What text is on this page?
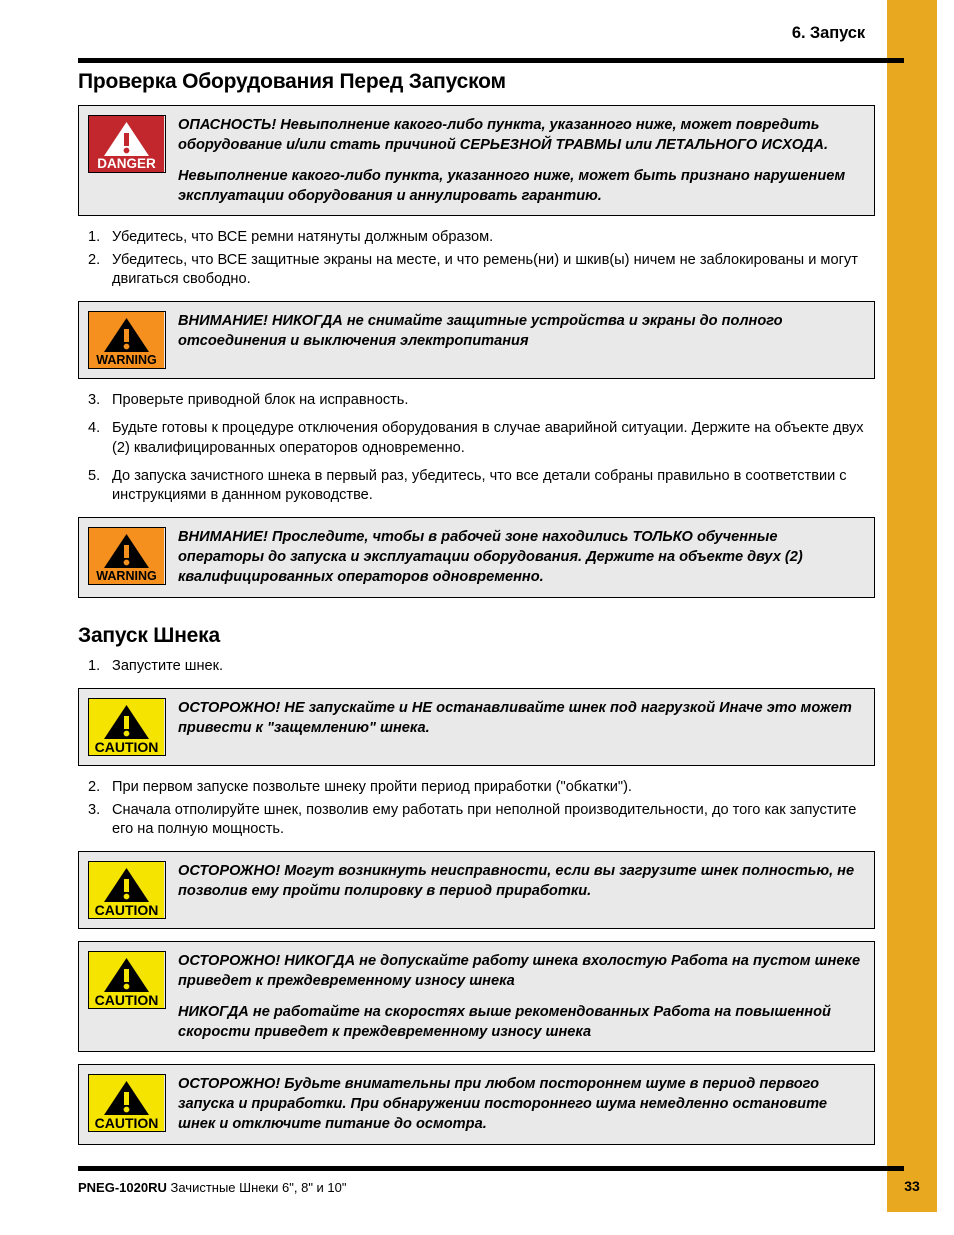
6. Запуск
Проверка Оборудования Перед Запуском
DANGER

ОПАСНОСТЬ! Невыполнение какого-либо пункта, указанного ниже, может повредить оборудование и/или стать причиной СЕРЬЕЗНОЙ ТРАВМЫ или ЛЕТАЛЬНОГО ИСХОДА.

Невыполнение какого-либо пункта, указанного ниже, может быть признано нарушением эксплуатации оборудования и аннулировать гарантию.

1. Убедитесь, что ВСЕ ремни натянуты должным образом.
2. Убедитесь, что ВСЕ защитные экраны на месте, и что ремень(ни) и шкив(ы) ничем не заблокированы и могут двигаться свободно.
WARNING

ВНИМАНИЕ! НИКОГДА не снимайте защитные устройства и экраны до полного отсоединения и выключения электропитания

3. Проверьте приводной блок на исправность.
4. Будьте готовы к процедуре отключения оборудования в случае аварийной ситуации. Держите на объекте двух (2) квалифицированных операторов одновременно.
5. До запуска зачистного шнека в первый раз, убедитесь, что все детали собраны правильно в соответствии с инструкциями в даннном руководстве.
WARNING

ВНИМАНИЕ! Проследите, чтобы в рабочей зоне находились ТОЛЬКО обученные операторы до запуска и эксплуатации оборудования. Держите на объекте двух (2) квалифицированных операторов одновременно.

Запуск Шнека
1. Запустите шнек.
CAUTION

ОСТОРОЖНО! НЕ запускайте и НЕ останавливайте шнек под нагрузкой Иначе это может привести к "защемлению" шнека.

2. При первом запуске позвольте шнеку пройти период приработки ("обкатки").
3. Сначала отполируйте шнек, позволив ему работать при неполной производительности, до того как запустите его на полную мощность.
CAUTION

ОСТОРОЖНО! Могут возникнуть неисправности, если вы загрузите шнек полностью, не позволив ему пройти полировку в период приработки.

CAUTION

ОСТОРОЖНО! НИКОГДА не допускайте работу шнека вхолостую Работа на пустом шнеке приведет к преждевременному износу шнека

НИКОГДА не работайте на скоростях выше рекомендованных Работа на повышенной скорости приведет к преждевременному износу шнека

CAUTION

ОСТОРОЖНО! Будьте внимательны при любом постороннем шуме в период первого запуска и приработки. При обнаружении постороннего шума немедленно остановите шнек и отключите питание до осмотра.

PNEG-1020RU Зачистные Шнеки 6", 8" и 10"	33
